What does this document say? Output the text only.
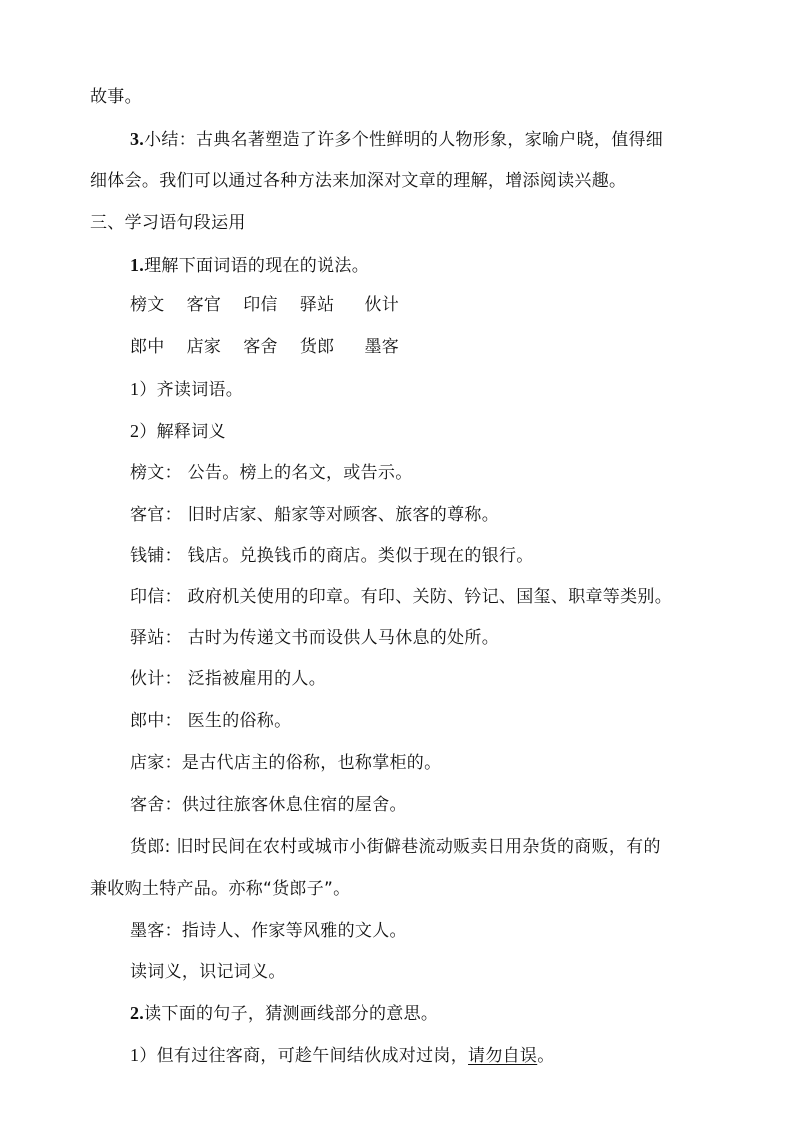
故事。
3.小结：古典名著塑造了许多个性鲜明的人物形象，家喻户晓，值得细
细体会。我们可以通过各种方法来加深对文章的理解，增添阅读兴趣。
三、学习语句段运用
1.理解下面词语的现在的说法。
榜文 客官 印信 驿站 伙计
郎中 店家 客舍 货郎 墨客
1）齐读词语。
2）解释词义
榜文： 公告。榜上的名文，或告示。
客官： 旧时店家、船家等对顾客、旅客的尊称。
钱铺： 钱店。兑换钱币的商店。类似于现在的银行。
印信： 政府机关使用的印章。有印、关防、钤记、国玺、职章等类别。
驿站： 古时为传递文书而设供人马休息的处所。
伙计： 泛指被雇用的人。
郎中： 医生的俗称。
店家：是古代店主的俗称，也称掌柜的。
客舍：供过往旅客休息住宿的屋舍。
货郎: 旧时民间在农村或城市小街僻巷流动贩卖日用杂货的商贩，有的
兼收购土特产品。亦称“货郎子”。
墨客：指诗人、作家等风雅的文人。
读词义，识记词义。
2.读下面的句子，猜测画线部分的意思。
1）但有过往客商，可趁午间结伙成对过岗，请勿自误。
